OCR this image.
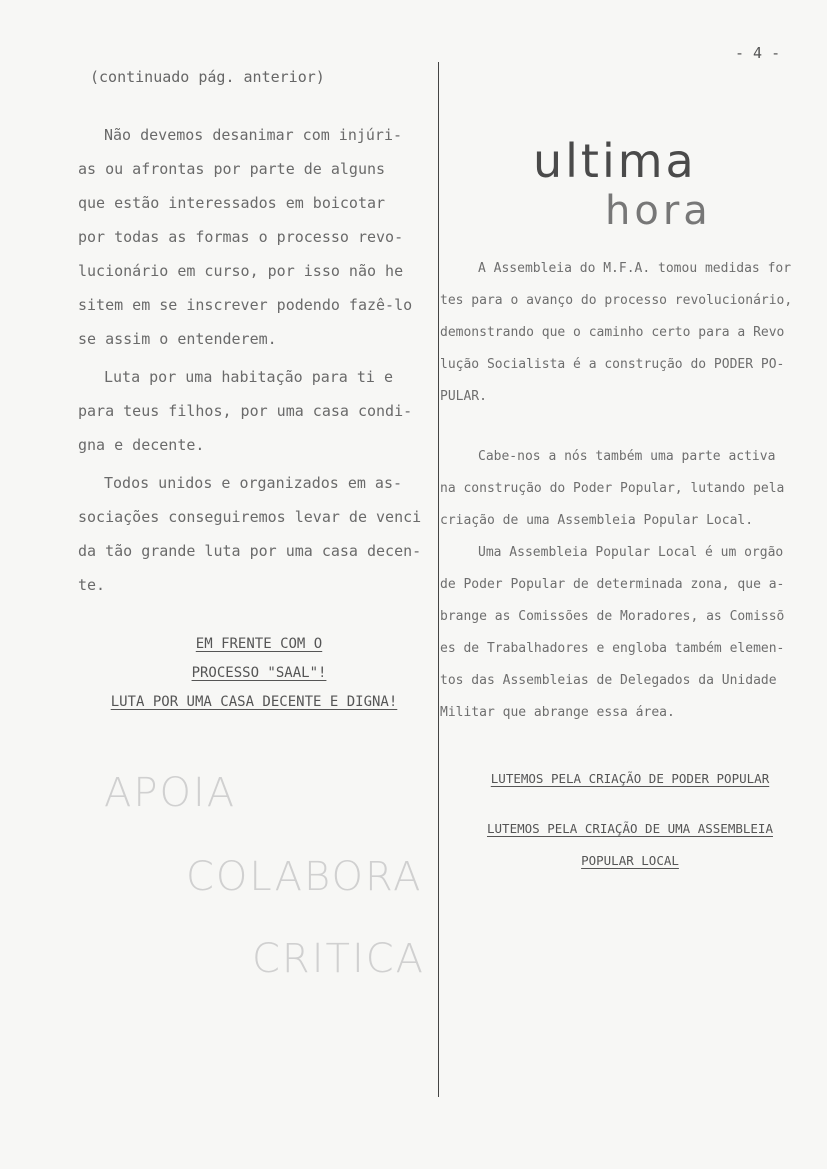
- 4 -
(continuado pág. anterior)
Não devemos desanimar com injúri-
as ou afrontas por parte de alguns
que estão interessados em boicotar
por todas as formas o processo revo-
lucionário em curso, por isso não he
sitem em se inscrever podendo fazê-lo
se assim o entenderem.
Luta por uma habitação para ti e
para teus filhos, por uma casa condi-
gna e decente.
Todos unidos e organizados em as-
sociações conseguiremos levar de venci
da tão grande luta por uma casa decen-
te.
EM FRENTE COM O
PROCESSO "SAAL"!
LUTA POR UMA CASA DECENTE E DIGNA!
APOIA
COLABORA
CRITICA
ultima
hora
A Assembleia do M.F.A. tomou medidas for
tes para o avanço do processo revolucionário,
demonstrando que o caminho certo para a Revo
lução Socialista é a construção do PODER PO-
PULAR.
Cabe-nos a nós também uma parte activa
na construção do Poder Popular, lutando pela
criação de uma Assembleia Popular Local.
Uma Assembleia Popular Local é um orgão
de Poder Popular de determinada zona, que a-
brange as Comissões de Moradores, as Comissõ
es de Trabalhadores e engloba também elemen-
tos das Assembleias de Delegados da Unidade
Militar que abrange essa área.
LUTEMOS PELA CRIAÇÃO DE PODER POPULAR
LUTEMOS PELA CRIAÇÃO DE UMA ASSEMBLEIA
POPULAR LOCAL
